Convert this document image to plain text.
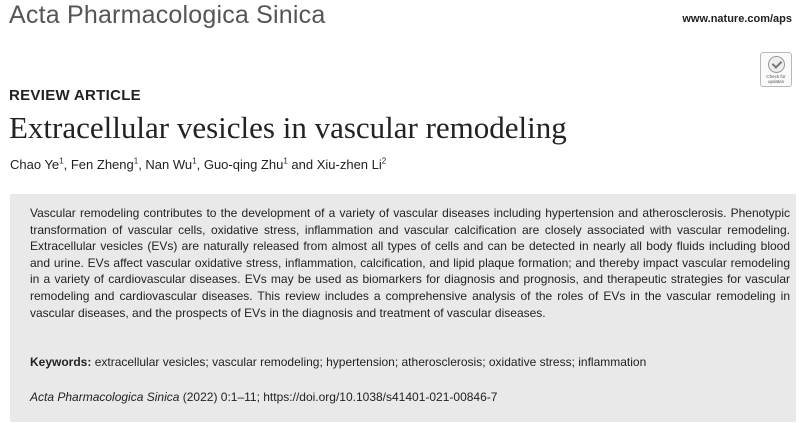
Acta Pharmacologica Sinica	www.nature.com/aps
Check for
updates
REVIEW ARTICLE
Extracellular vesicles in vascular remodeling
Chao Ye$^1$, Fen Zheng$^1$, Nan Wu$^1$, Guo-qing Zhu$^1$ and Xiu-zhen Li$^2$
Vascular remodeling contributes to the development of a variety of vascular diseases including hypertension and atherosclerosis. Phenotypic transformation of vascular cells, oxidative stress, inflammation and vascular calcification are closely associated with vascular remodeling. Extracellular vesicles (EVs) are naturally released from almost all types of cells and can be detected in nearly all body fluids including blood and urine. EVs affect vascular oxidative stress, inflammation, calcification, and lipid plaque formation; and thereby impact vascular remodeling in a variety of cardiovascular diseases. EVs may be used as biomarkers for diagnosis and prognosis, and therapeutic strategies for vascular remodeling and cardiovascular diseases. This review includes a comprehensive analysis of the roles of EVs in the vascular remodeling in vascular diseases, and the prospects of EVs in the diagnosis and treatment of vascular diseases.
Keywords: extracellular vesicles; vascular remodeling; hypertension; atherosclerosis; oxidative stress; inflammation
Acta Pharmacologica Sinica (2022) 0:1–11; https://doi.org/10.1038/s41401-021-00846-7
